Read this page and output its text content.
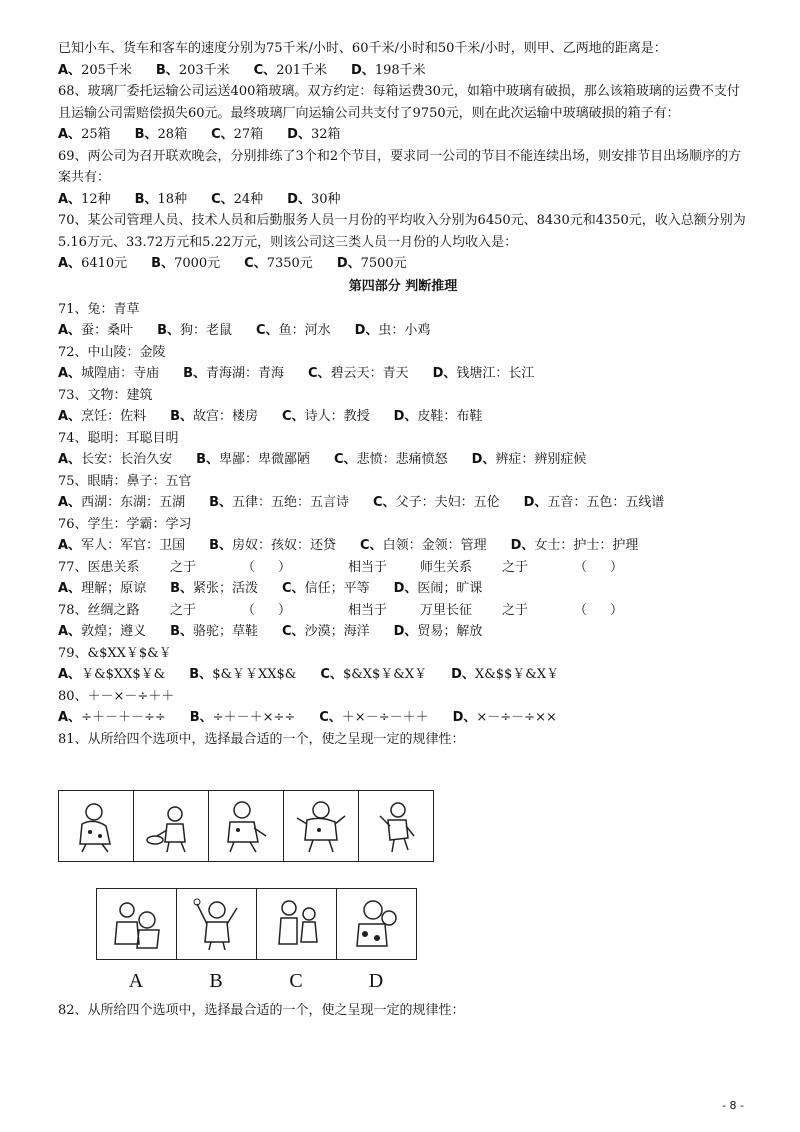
已知小车、货车和客车的速度分别为75千米/小时、60千米/小时和50千米/小时，则甲、乙两地的距离是：
A、205千米 B、203千米 C、201千米 D、198千米
68、玻璃厂委托运输公司运送400箱玻璃。双方约定：每箱运费30元，如箱中玻璃有破损，那么该箱玻璃的运费不支付且运输公司需赔偿损失60元。最终玻璃厂向运输公司共支付了9750元，则在此次运输中玻璃破损的箱子有：
A、25箱 B、28箱 C、27箱 D、32箱
69、两公司为召开联欢晚会，分别排练了3个和2个节目，要求同一公司的节目不能连续出场，则安排节目出场顺序的方案共有：
A、12种 B、18种 C、24种 D、30种
70、某公司管理人员、技术人员和后勤服务人员一月份的平均收入分别为6450元、8430元和4350元，收入总额分别为5.16万元、33.72万元和5.22万元，则该公司这三类人员一月份的人均收入是：
A、6410元 B、7000元 C、7350元 D、7500元
第四部分 判断推理
71、兔：青草
A、蚕：桑叶 B、狗：老鼠 C、鱼：河水 D、虫：小鸡
72、中山陵：金陵
A、城隍庙：寺庙 B、青海湖：青海 C、碧云天：青天 D、钱塘江：长江
73、文物：建筑
A、烹饪：佐料 B、故宫：楼房 C、诗人：教授 D、皮鞋：布鞋
74、聪明：耳聪目明
A、长安：长治久安 B、卑鄙：卑微鄙陋 C、悲愤：悲痛愤怒 D、辨症：辨别症候
75、眼睛：鼻子：五官
A、西湖：东湖：五湖 B、五律：五绝：五言诗 C、父子：夫妇：五伦 D、五音：五色：五线谱
76、学生：学霸：学习
A、军人：军官：卫国 B、房奴：孩奴：还贷 C、白领：金领：管理 D、女士：护士：护理
77、医患关系	之于	（	）	相当于	师生关系	之于	（	）
A、理解；原谅 B、紧张；活泼 C、信任；平等 D、医闹；旷课
78、丝绸之路	之于	（	）	相当于	万里长征	之于	（	）
A、敦煌；遵义 B、骆驼；草鞋 C、沙漠；海洋 D、贸易；解放
79、&$XX￥$&￥
A、￥&$XX$￥& B、$&￥￥XX$& C、$&X$￥&X￥ D、X&$$￥&X￥
80、＋－×－÷＋＋
A、÷＋－＋－÷÷ B、÷＋－＋×÷÷ C、＋×－÷－＋＋ D、×－÷－÷××
81、从所给四个选项中，选择最合适的一个，使之呈现一定的规律性：
A	B	C	D
82、从所给四个选项中，选择最合适的一个，使之呈现一定的规律性：
- 8 -
